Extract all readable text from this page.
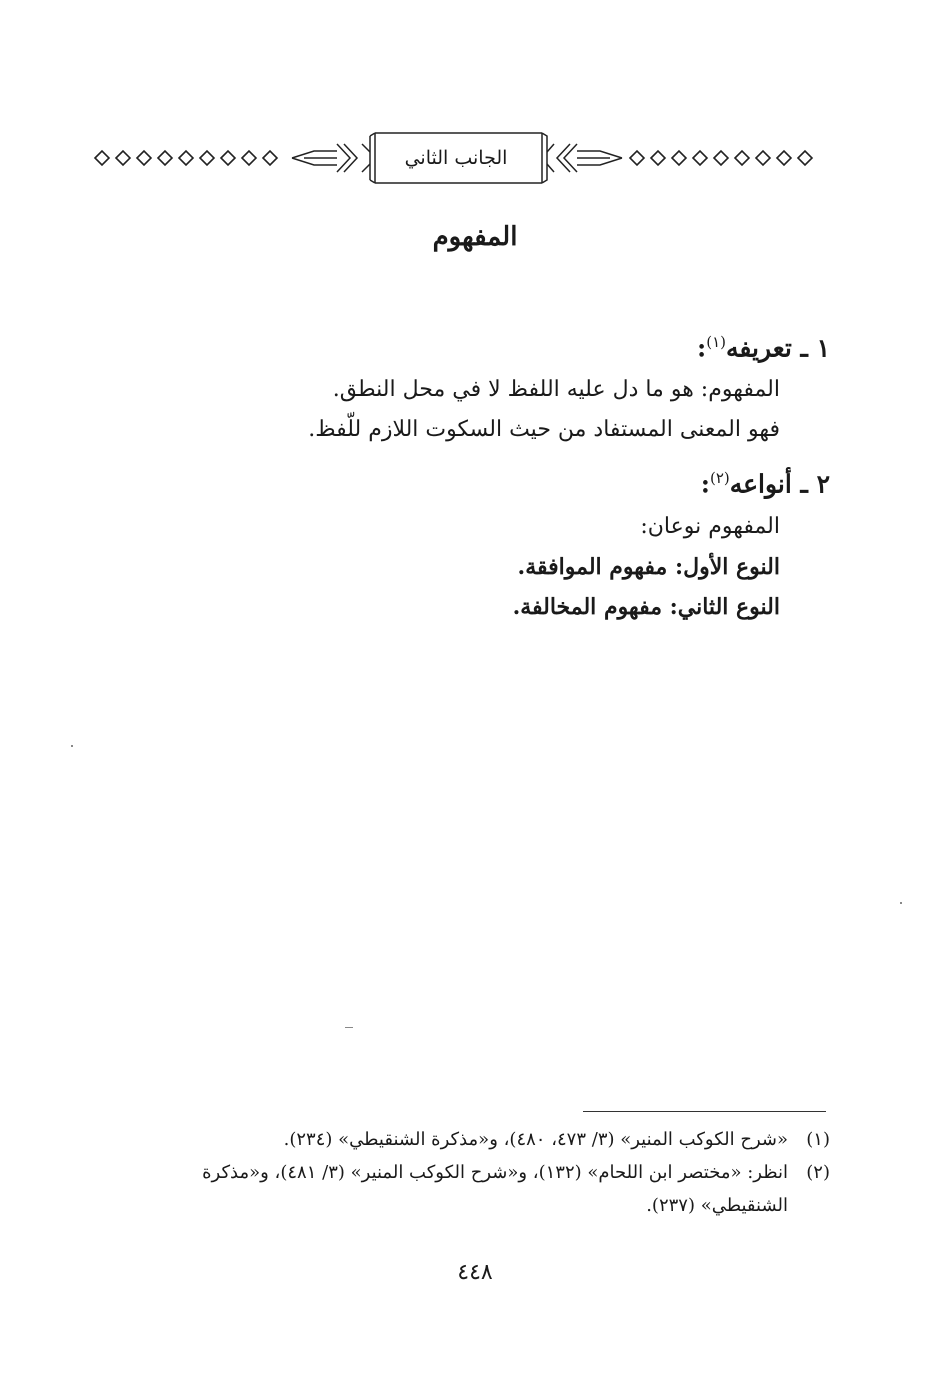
الجانب الثاني
المفهوم

١ ـ تعريفه$^{(١)}$:

المفهوم: هو ما دل عليه اللفظ لا في محل النطق.

فهو المعنى المستفاد من حيث السكوت اللازم للّفظ.

٢ ـ أنواعه$^{(٢)}$:

المفهوم نوعان:

النوع الأول: مفهوم الموافقة.

النوع الثاني: مفهوم المخالفة.

(١)«شرح الكوكب المنير» (٣/ ٤٧٣، ٤٨٠)، و«مذكرة الشنقيطي» (٢٣٤).

(٢)انظر: «مختصر ابن اللحام» (١٣٢)، و«شرح الكوكب المنير» (٣/ ٤٨١)، و«مذكرة
الشنقيطي» (٢٣٧).

٤٤٨
